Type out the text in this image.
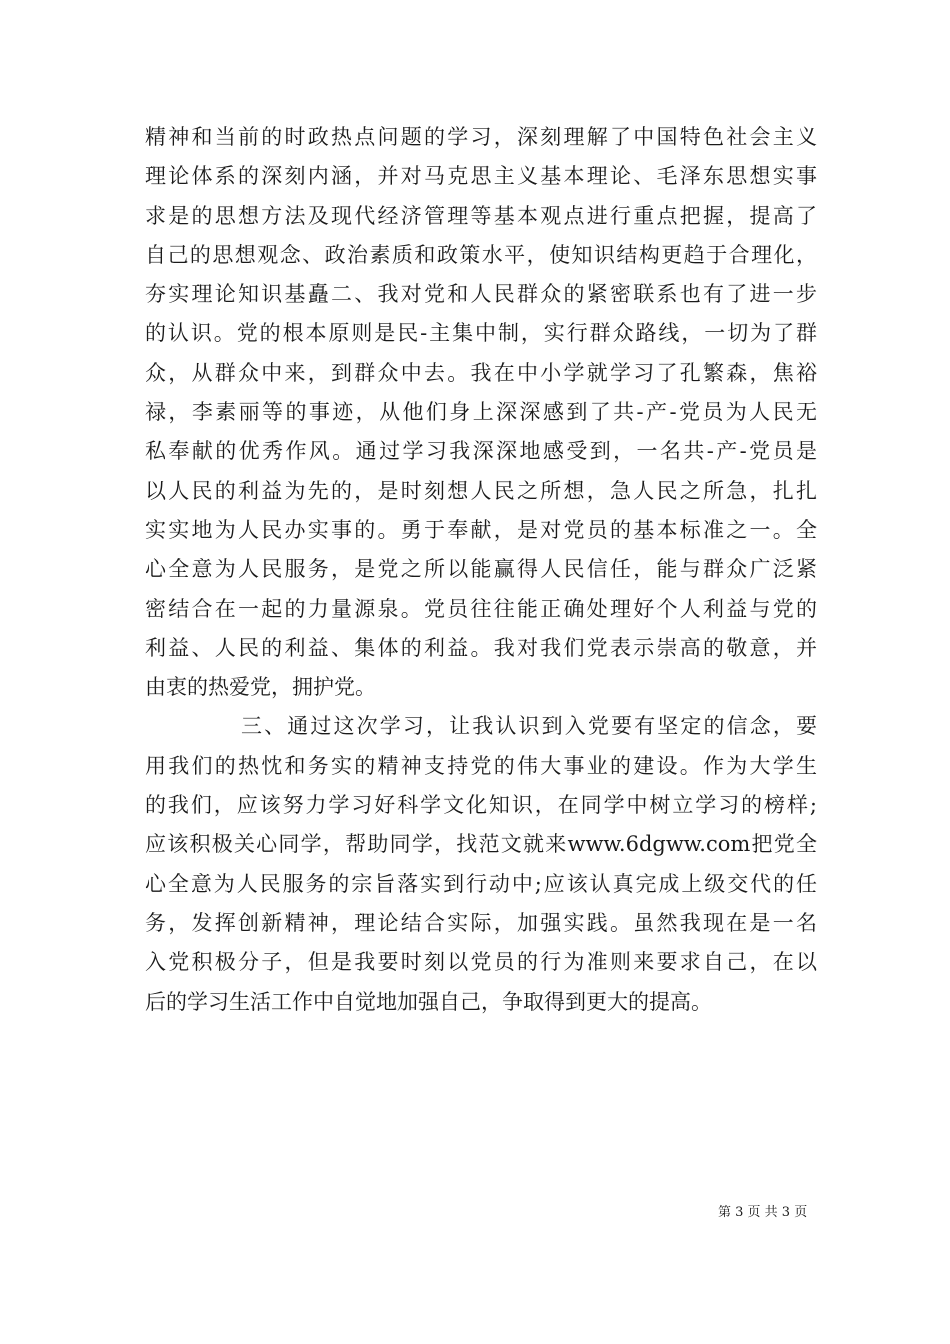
精神和当前的时政热点问题的学习，深刻理解了中国特色社会主义
理论体系的深刻内涵，并对马克思主义基本理论、毛泽东思想实事
求是的思想方法及现代经济管理等基本观点进行重点把握，提高了
自己的思想观念、政治素质和政策水平，使知识结构更趋于合理化，
夯实理论知识基矗二、我对党和人民群众的紧密联系也有了进一步
的认识。党的根本原则是民-主集中制，实行群众路线，一切为了群
众，从群众中来，到群众中去。我在中小学就学习了孔繁森，焦裕
禄，李素丽等的事迹，从他们身上深深感到了共-产-党员为人民无
私奉献的优秀作风。通过学习我深深地感受到，一名共-产-党员是
以人民的利益为先的，是时刻想人民之所想，急人民之所急，扎扎
实实地为人民办实事的。勇于奉献，是对党员的基本标准之一。全
心全意为人民服务，是党之所以能赢得人民信任，能与群众广泛紧
密结合在一起的力量源泉。党员往往能正确处理好个人利益与党的
利益、人民的利益、集体的利益。我对我们党表示崇高的敬意，并
由衷的热爱党，拥护党。
三、通过这次学习，让我认识到入党要有坚定的信念，要
用我们的热忱和务实的精神支持党的伟大事业的建设。作为大学生
的我们，应该努力学习好科学文化知识，在同学中树立学习的榜样;
应该积极关心同学，帮助同学，找范文就来www.6dgww.com把党全
心全意为人民服务的宗旨落实到行动中;应该认真完成上级交代的任
务，发挥创新精神，理论结合实际，加强实践。虽然我现在是一名
入党积极分子，但是我要时刻以党员的行为准则来要求自己，在以
后的学习生活工作中自觉地加强自己，争取得到更大的提高。
第 3 页 共 3 页
